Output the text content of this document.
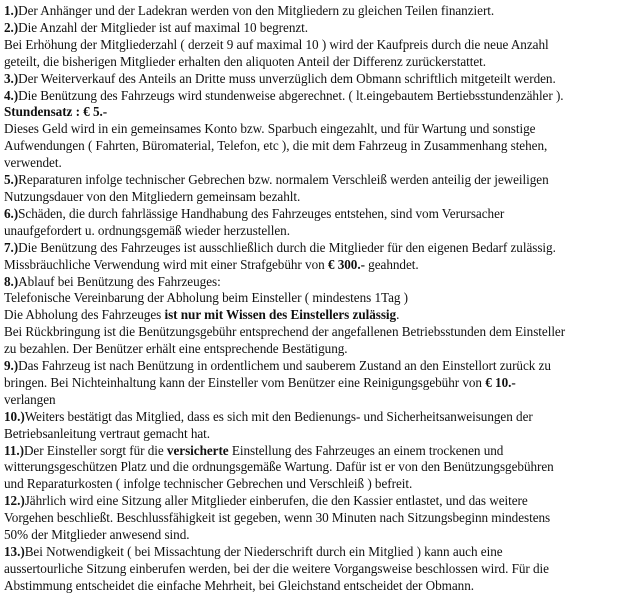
1.)Der Anhänger und der Ladekran werden von den Mitgliedern zu gleichen Teilen finanziert.
2.)Die Anzahl der Mitglieder ist auf maximal 10 begrenzt.
Bei Erhöhung der Mitgliederzahl ( derzeit 9 auf maximal 10 ) wird der Kaufpreis durch die neue Anzahl
geteilt, die bisherigen Mitglieder erhalten den aliquoten Anteil der Differenz zurückerstattet.
3.)Der Weiterverkauf des Anteils an Dritte muss unverzüglich dem Obmann schriftlich mitgeteilt werden.
4.)Die Benützung des Fahrzeugs wird stundenweise abgerechnet. ( lt.eingebautem Bertiebsstundenzähler ).
Stundensatz : € 5.-
Dieses Geld wird in ein gemeinsames Konto bzw. Sparbuch eingezahlt, und für Wartung und sonstige
Aufwendungen ( Fahrten, Büromaterial, Telefon, etc ), die mit dem Fahrzeug in Zusammenhang stehen,
verwendet.
5.)Reparaturen infolge technischer Gebrechen bzw. normalem Verschleiß werden anteilig der jeweiligen
Nutzungsdauer von den Mitgliedern gemeinsam bezahlt.
6.)Schäden, die durch fahrlässige Handhabung des Fahrzeuges entstehen, sind vom Verursacher
unaufgefordert u. ordnungsgemäß wieder herzustellen.
7.)Die Benützung des Fahrzeuges ist ausschließlich durch die Mitglieder für den eigenen Bedarf zulässig.
Missbräuchliche Verwendung wird mit einer Strafgebühr von € 300.- geahndet.
8.)Ablauf bei Benützung des Fahrzeuges:
Telefonische Vereinbarung der Abholung beim Einsteller ( mindestens 1Tag )
Die Abholung des Fahrzeuges ist nur mit Wissen des Einstellers zulässig.
Bei Rückbringung ist die Benützungsgebühr entsprechend der angefallenen Betriebsstunden dem Einsteller
zu bezahlen. Der Benützer erhält eine entsprechende Bestätigung.
9.)Das Fahrzeug ist nach Benützung in ordentlichem und sauberem Zustand an den Einstellort zurück zu
bringen. Bei Nichteinhaltung kann der Einsteller vom Benützer eine Reinigungsgebühr von € 10.-
verlangen
10.)Weiters bestätigt das Mitglied, dass es sich mit den Bedienungs- und Sicherheitsanweisungen der
Betriebsanleitung vertraut gemacht hat.
11.)Der Einsteller sorgt für die versicherte Einstellung des Fahrzeuges an einem trockenen und
witterungsgeschützen Platz und die ordnungsgemäße Wartung. Dafür ist er von den Benützungsgebühren
und Reparaturkosten ( infolge technischer Gebrechen und Verschleiß ) befreit.
12.)Jährlich wird eine Sitzung aller Mitglieder einberufen, die den Kassier entlastet, und das weitere
Vorgehen beschließt. Beschlussfähigkeit ist gegeben, wenn 30 Minuten nach Sitzungsbeginn mindestens
50% der Mitglieder anwesend sind.
13.)Bei Notwendigkeit ( bei Missachtung der Niederschrift durch ein Mitglied ) kann auch eine
aussertourliche Sitzung einberufen werden, bei der die weitere Vorgangsweise beschlossen wird. Für die
Abstimmung entscheidet die einfache Mehrheit, bei Gleichstand entscheidet der Obmann.
